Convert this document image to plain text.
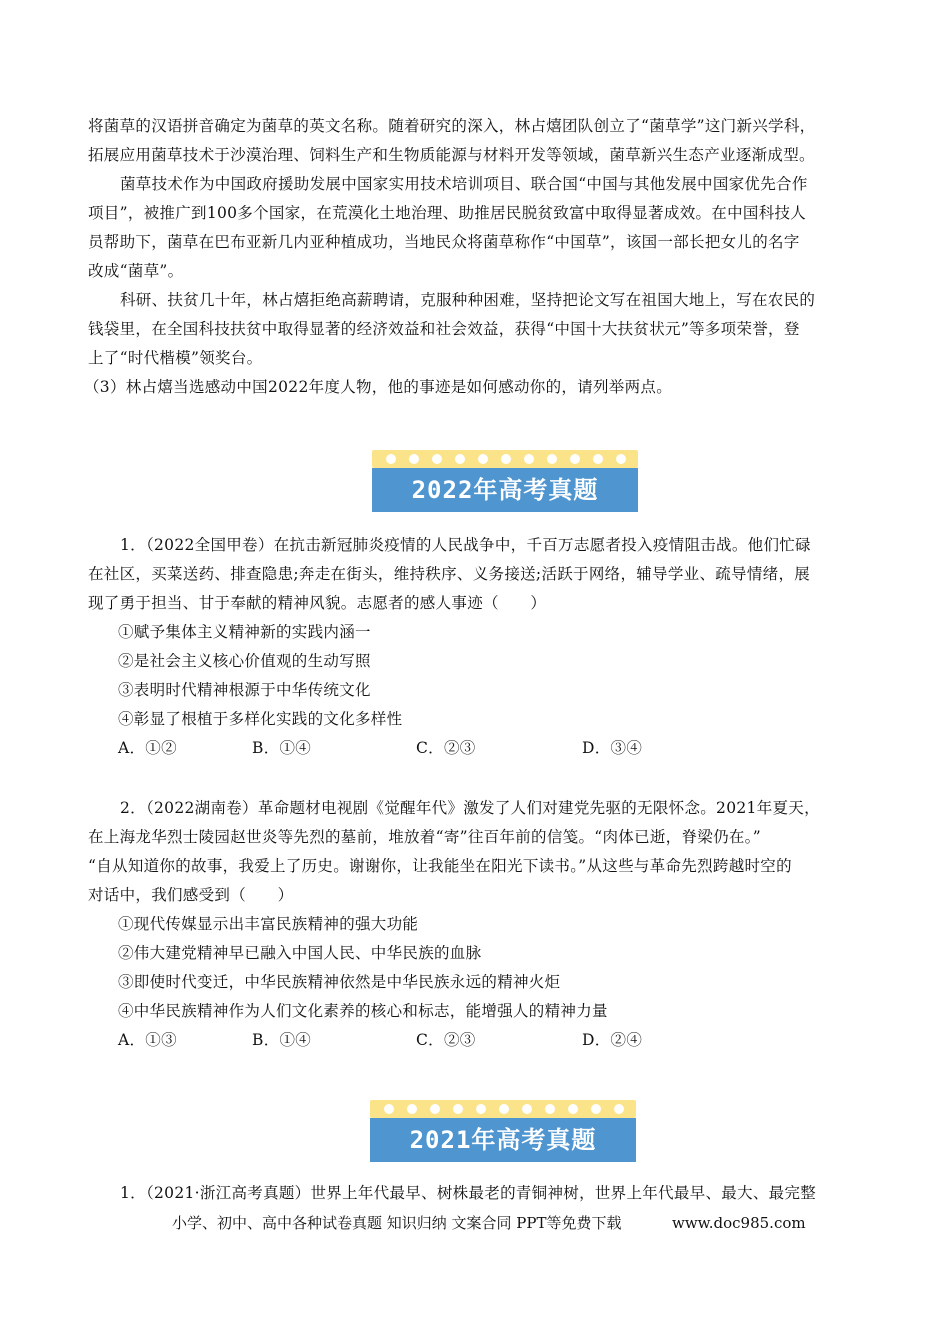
将菌草的汉语拼音确定为菌草的英文名称。随着研究的深入，林占熺团队创立了“菌草学”这门新兴学科，
拓展应用菌草技术于沙漠治理、饲料生产和生物质能源与材料开发等领域，菌草新兴生态产业逐渐成型。
菌草技术作为中国政府援助发展中国家实用技术培训项目、联合国“中国与其他发展中国家优先合作
项目”，被推广到100多个国家，在荒漠化土地治理、助推居民脱贫致富中取得显著成效。在中国科技人
员帮助下，菌草在巴布亚新几内亚种植成功，当地民众将菌草称作“中国草”，该国一部长把女儿的名字
改成“菌草”。
科研、扶贫几十年，林占熺拒绝高薪聘请，克服种种困难，坚持把论文写在祖国大地上，写在农民的
钱袋里，在全国科技扶贫中取得显著的经济效益和社会效益，获得“中国十大扶贫状元”等多项荣誉，登
上了“时代楷模”领奖台。
（3）林占熺当选感动中国2022年度人物，他的事迹是如何感动你的，请列举两点。
2022年高考真题
1．（2022全国甲卷）在抗击新冠肺炎疫情的人民战争中，千百万志愿者投入疫情阻击战。他们忙碌
在社区，买菜送药、排查隐患;奔走在街头，维持秩序、义务接送;活跃于网络，辅导学业、疏导情绪，展
现了勇于担当、甘于奉献的精神风貌。志愿者的感人事迹（　　）
①赋予集体主义精神新的实践内涵一
②是社会主义核心价值观的生动写照
③表明时代精神根源于中华传统文化
④彰显了根植于多样化实践的文化多样性
A．①②	B．①④	C．②③	D．③④
2．（2022湖南卷）革命题材电视剧《觉醒年代》激发了人们对建党先驱的无限怀念。2021年夏天，
在上海龙华烈士陵园赵世炎等先烈的墓前，堆放着“寄”往百年前的信笺。“肉体已逝，脊梁仍在。”
“自从知道你的故事，我爱上了历史。谢谢你，让我能坐在阳光下读书。”从这些与革命先烈跨越时空的
对话中，我们感受到（　　）
①现代传媒显示出丰富民族精神的强大功能
②伟大建党精神早已融入中国人民、中华民族的血脉
③即使时代变迁，中华民族精神依然是中华民族永远的精神火炬
④中华民族精神作为人们文化素养的核心和标志，能增强人的精神力量
A．①③	B．①④	C．②③	D．②④
2021年高考真题
1．（2021·浙江高考真题）世界上年代最早、树株最老的青铜神树，世界上年代最早、最大、最完整
小学、初中、高中各种试卷真题 知识归纳 文案合同 PPT等免费下载	www.doc985.com
